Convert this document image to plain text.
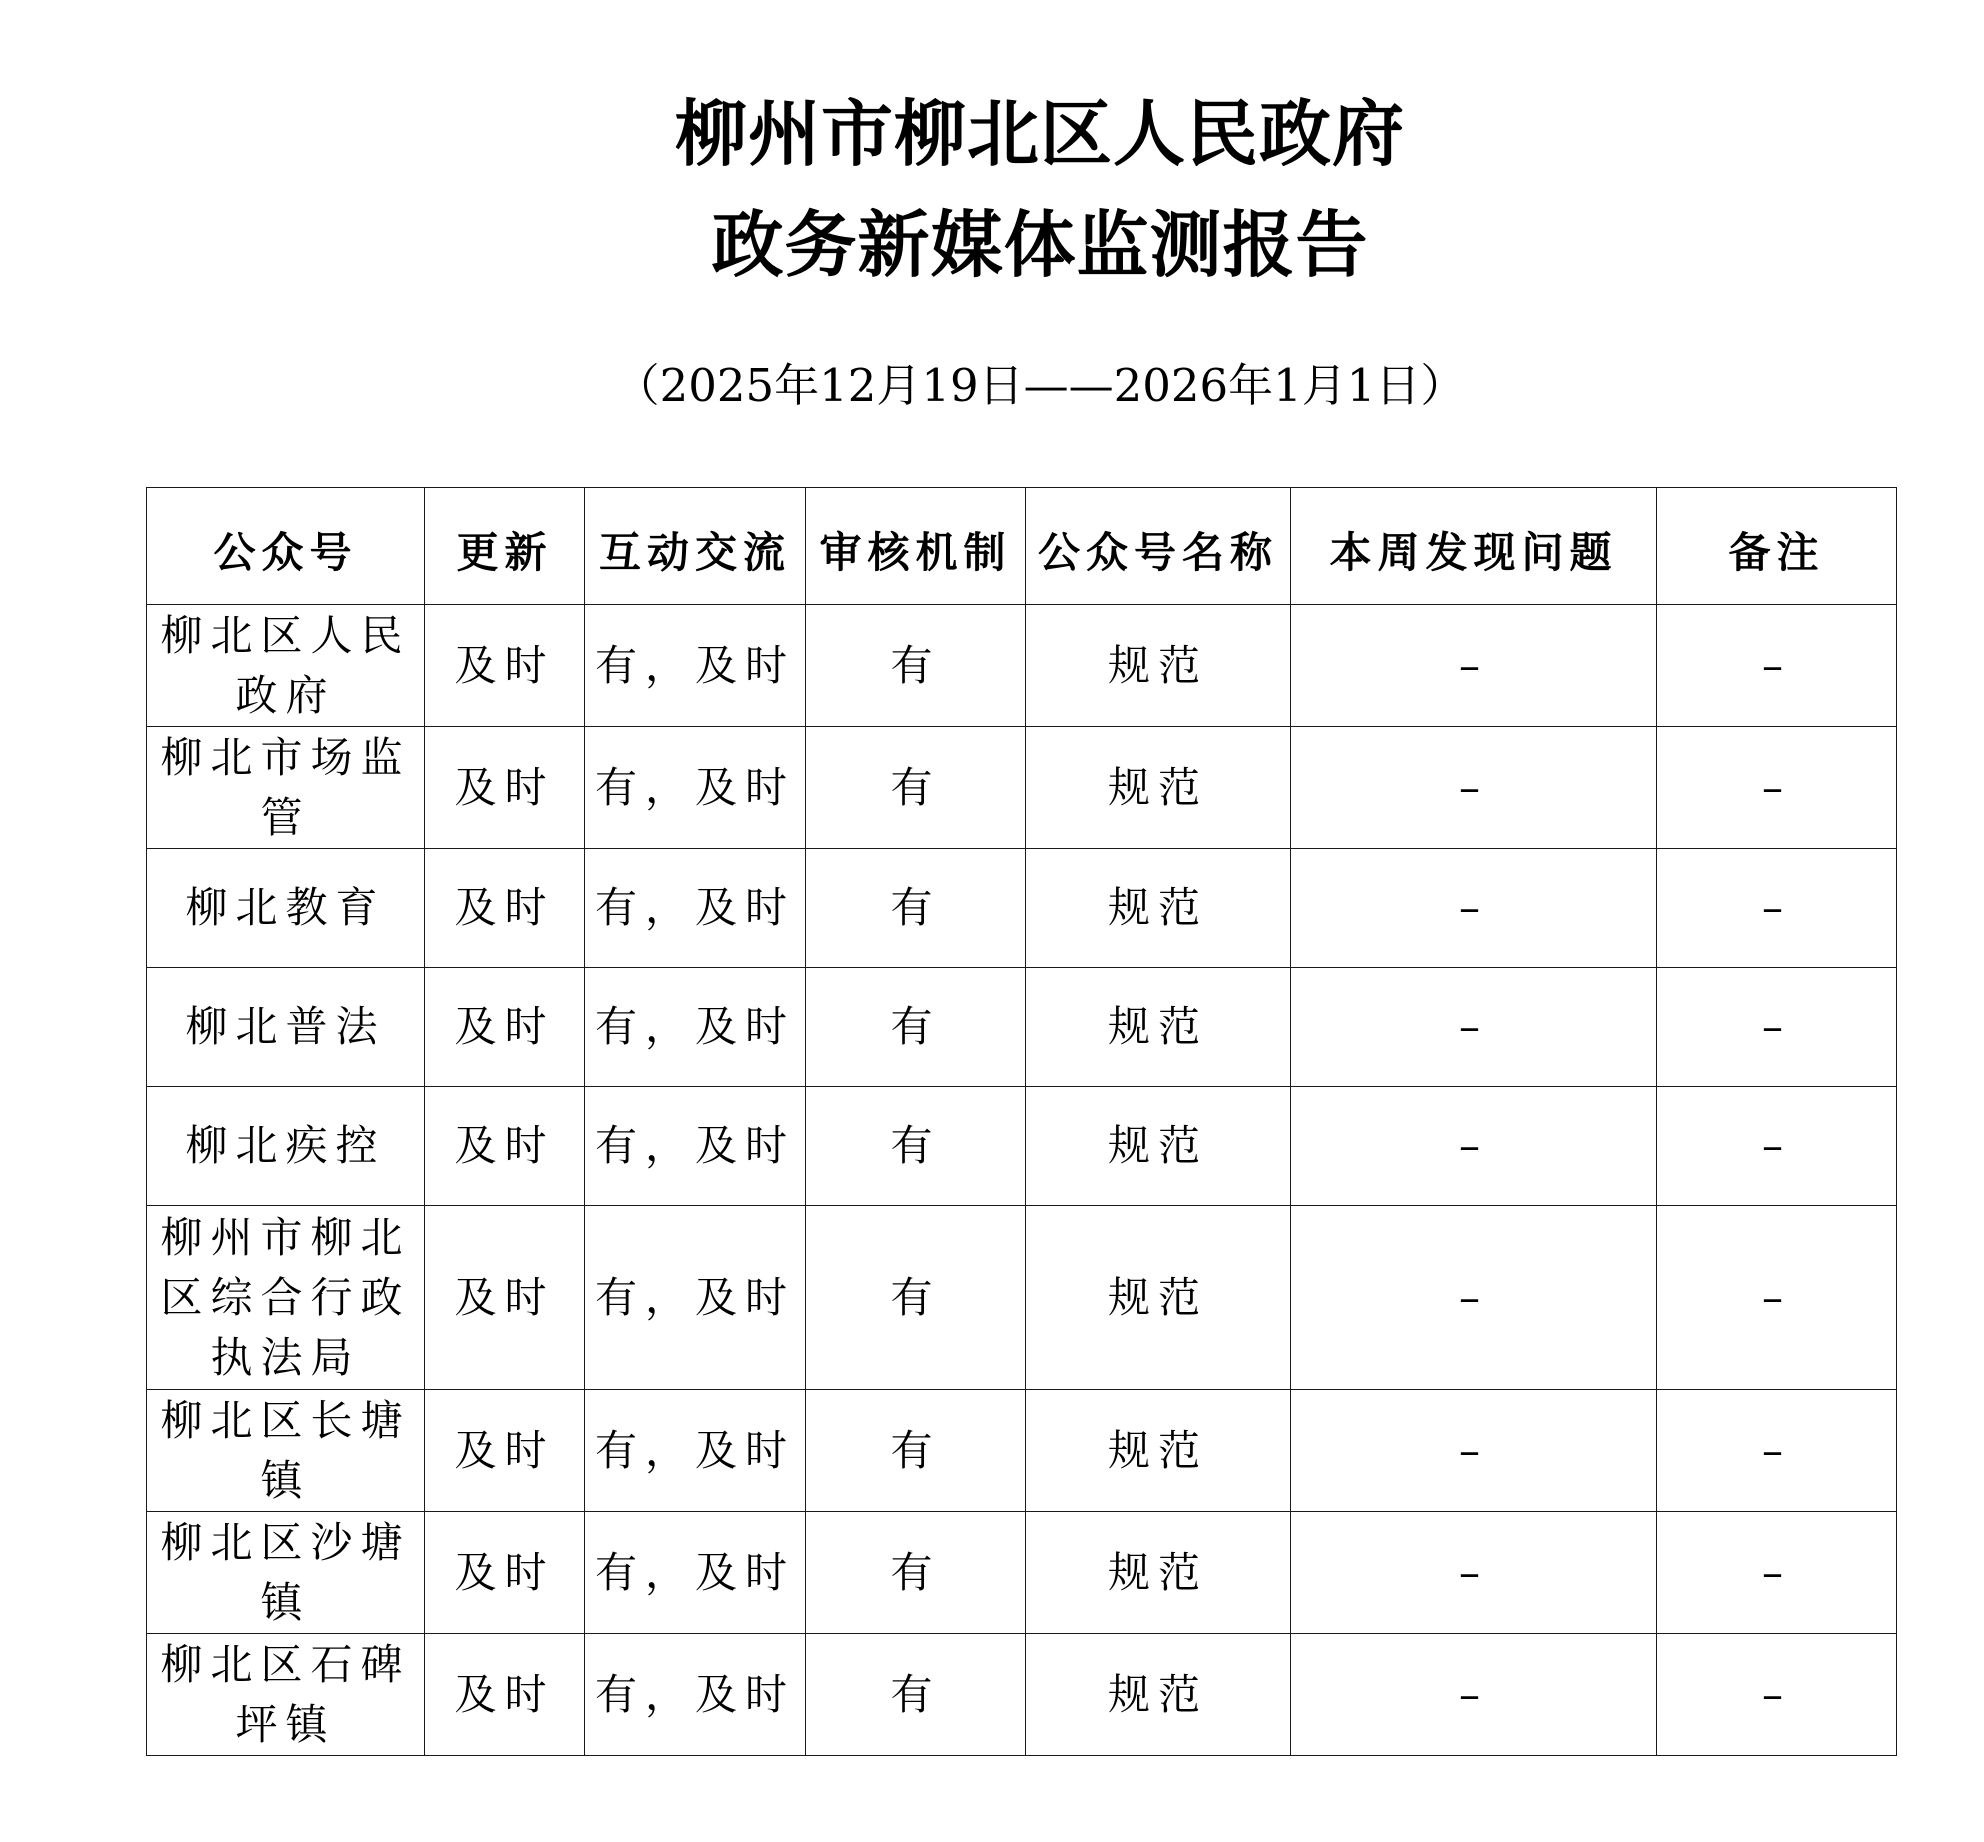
柳州市柳北区人民政府
政务新媒体监测报告
（2025年12月19日——2026年1月1日）
公众号	更新	互动交流	审核机制	公众号名称	本周发现问题	备注
柳北区人民政府	及时	有，及时	有	规范	–	–
柳北市场监管	及时	有，及时	有	规范	–	–
柳北教育	及时	有，及时	有	规范	–	–
柳北普法	及时	有，及时	有	规范	–	–
柳北疾控	及时	有，及时	有	规范	–	–
柳州市柳北区综合行政执法局	及时	有，及时	有	规范	–	–
柳北区长塘镇	及时	有，及时	有	规范	–	–
柳北区沙塘镇	及时	有，及时	有	规范	–	–
柳北区石碑坪镇	及时	有，及时	有	规范	–	–
